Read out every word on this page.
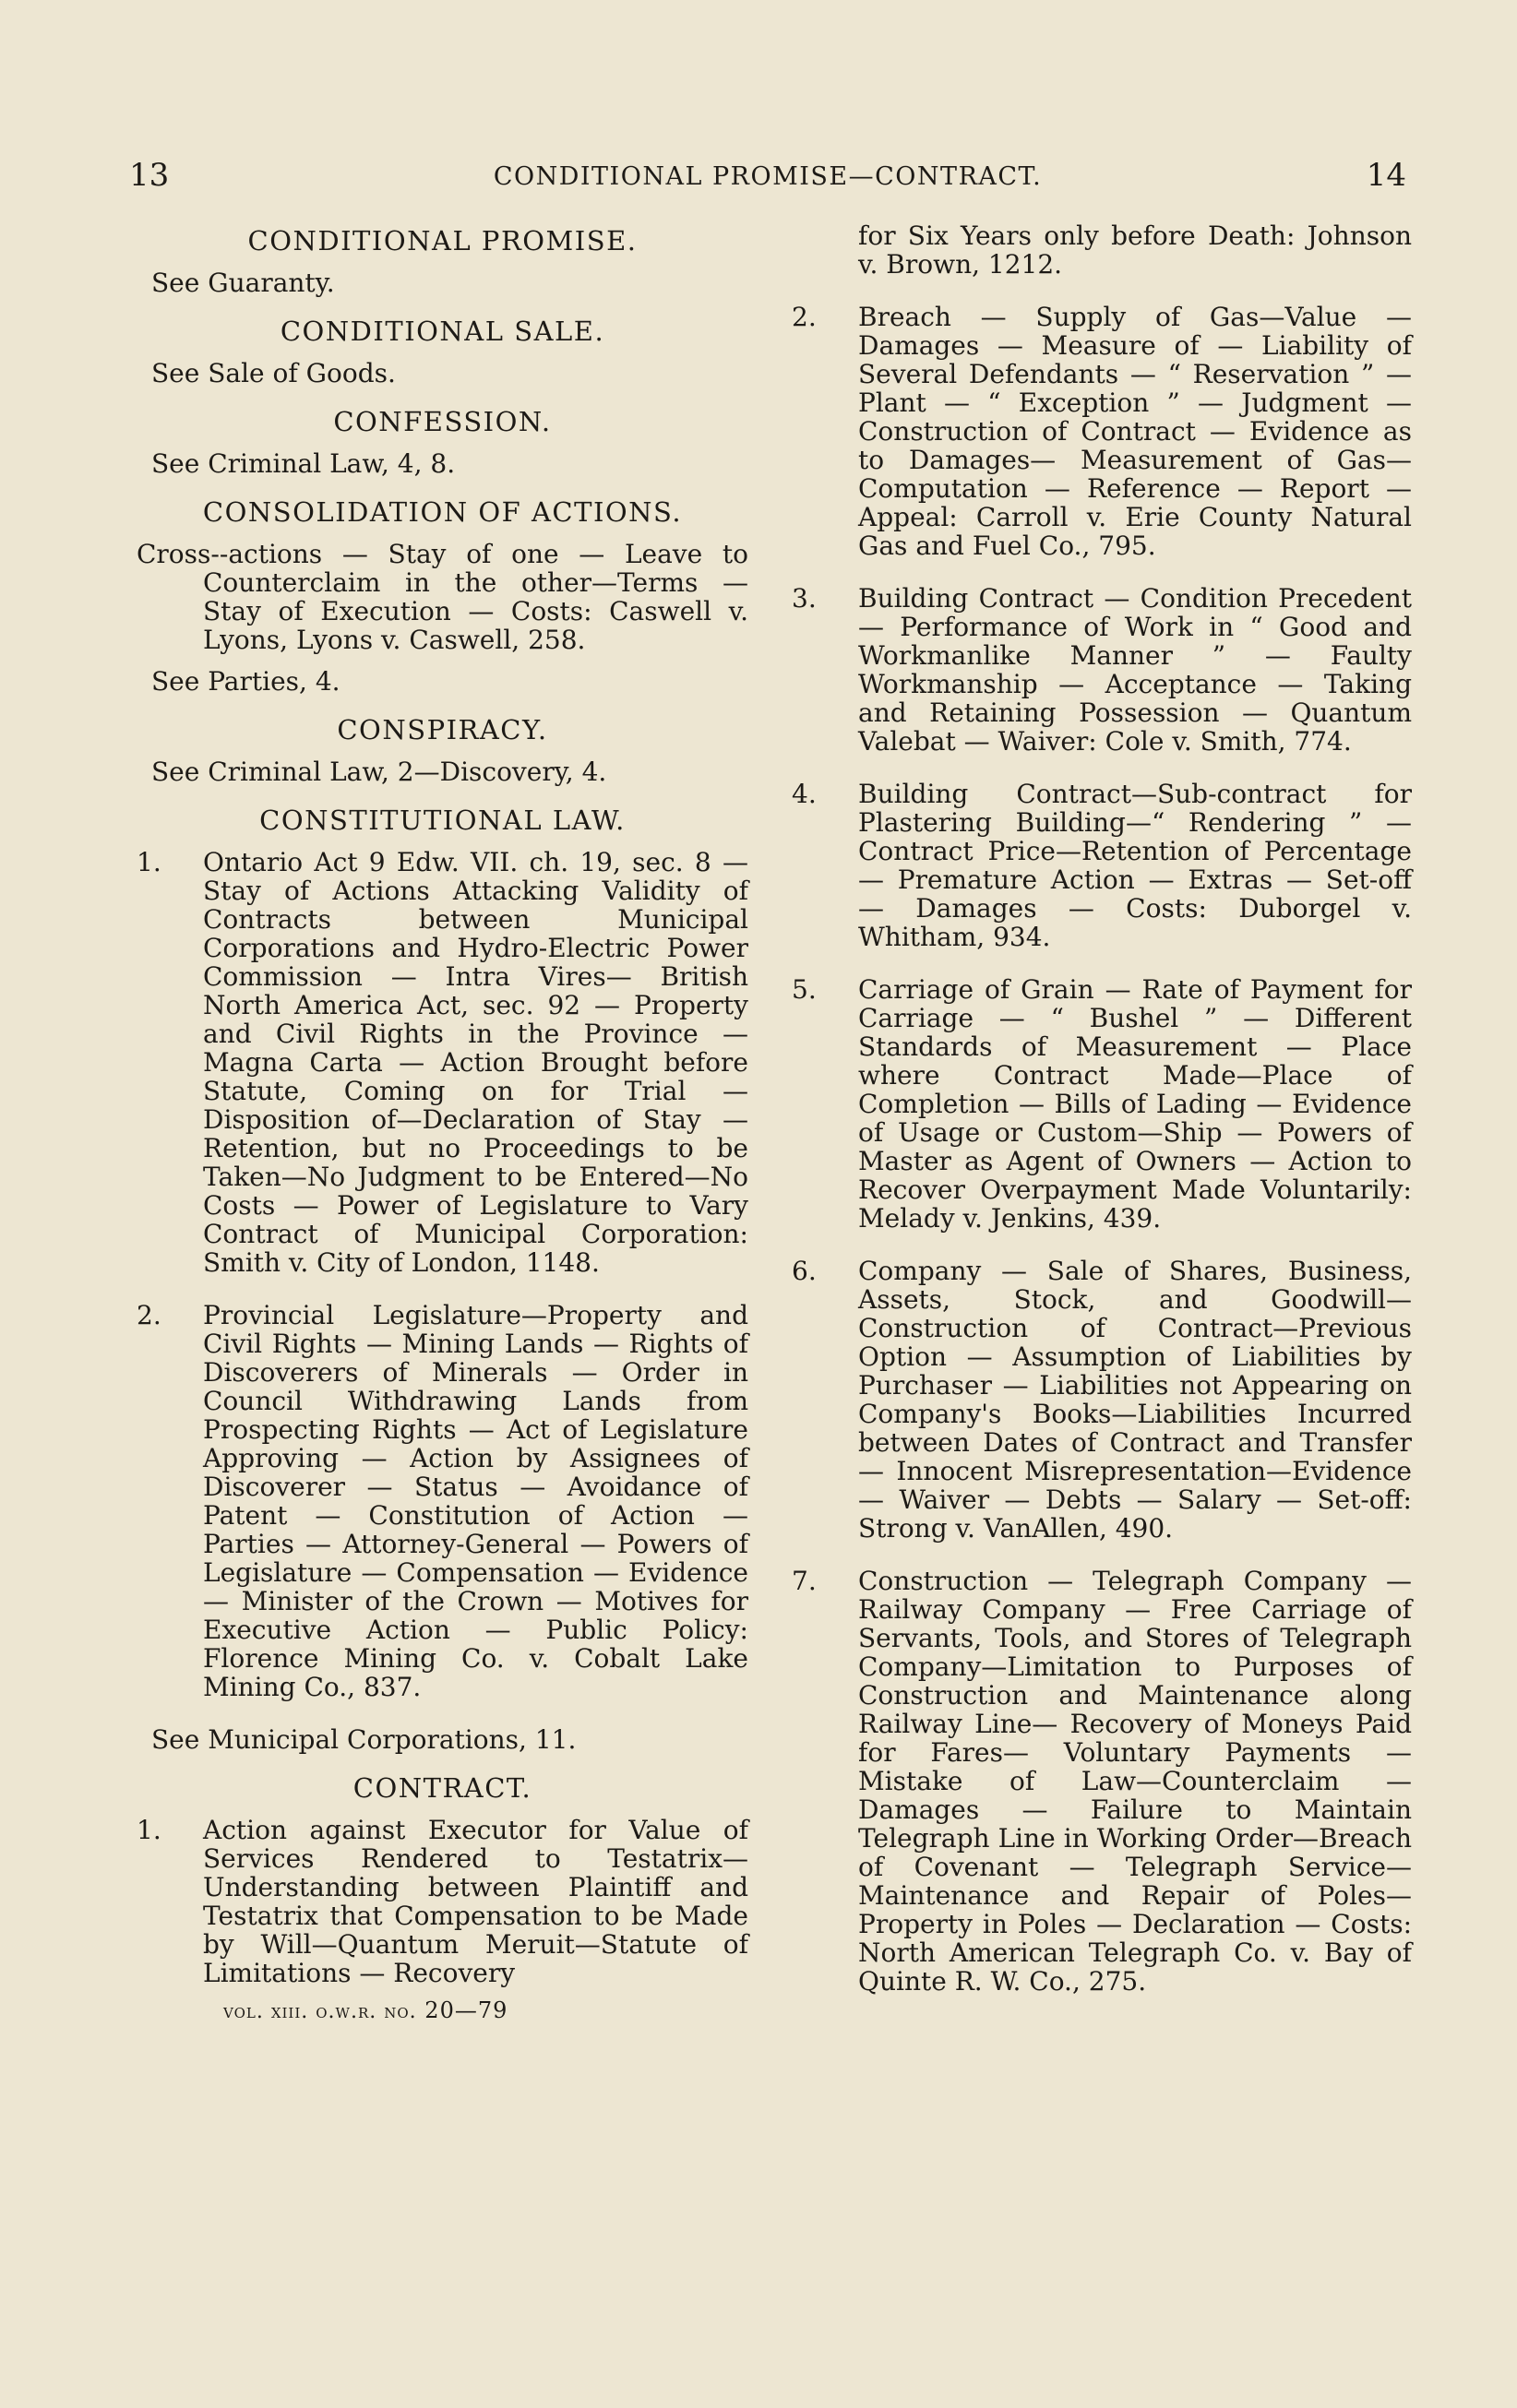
13	CONDITIONAL PROMISE—CONTRACT.	14
CONDITIONAL PROMISE.
See Guaranty.
CONDITIONAL SALE.
See Sale of Goods.
CONFESSION.
See Criminal Law, 4, 8.
CONSOLIDATION OF ACTIONS.
Cross--actions — Stay of one — Leave to Counterclaim in the other—Terms — Stay of Execution — Costs: Caswell v. Lyons, Lyons v. Caswell, 258.
See Parties, 4.
CONSPIRACY.
See Criminal Law, 2—Discovery, 4.
CONSTITUTIONAL LAW.
1. Ontario Act 9 Edw. VII. ch. 19, sec. 8 —Stay of Actions Attacking Validity of Contracts between Municipal Corporations and Hydro-Electric Power Commission — Intra Vires— British North America Act, sec. 92 — Property and Civil Rights in the Province — Magna Carta — Action Brought before Statute, Coming on for Trial — Disposition of—Declaration of Stay — Retention, but no Proceedings to be Taken—No Judgment to be Entered—No Costs — Power of Legislature to Vary Contract of Municipal Corporation: Smith v. City of London, 1148.
2. Provincial Legislature—Property and Civil Rights — Mining Lands — Rights of Discoverers of Minerals — Order in Council Withdrawing Lands from Prospecting Rights — Act of Legislature Approving — Action by Assignees of Discoverer — Status — Avoidance of Patent — Constitution of Action — Parties — Attorney-General — Powers of Legislature — Compensation — Evidence — Minister of the Crown — Motives for Executive Action — Public Policy: Florence Mining Co. v. Cobalt Lake Mining Co., 837.
See Municipal Corporations, 11.
CONTRACT.
1. Action against Executor for Value of Services Rendered to Testatrix—Understanding between Plaintiff and Testatrix that Compensation to be Made by Will—Quantum Meruit—Statute of Limitations — Recovery
vol. xiii. o.w.r. no. 20—79
for Six Years only before Death: Johnson v. Brown, 1212.
2. Breach — Supply of Gas—Value — Damages — Measure of — Liability of Several Defendants — “ Reservation ” — Plant — “ Exception ” — Judgment — Construction of Contract — Evidence as to Damages— Measurement of Gas—Computation — Reference — Report — Appeal: Carroll v. Erie County Natural Gas and Fuel Co., 795.
3. Building Contract — Condition Precedent — Performance of Work in “ Good and Workmanlike Manner ” — Faulty Workmanship — Acceptance — Taking and Retaining Possession — Quantum Valebat — Waiver: Cole v. Smith, 774.
4. Building Contract—Sub-contract for Plastering Building—“ Rendering ” — Contract Price—Retention of Percentage — Premature Action — Extras — Set-off — Damages — Costs: Duborgel v. Whitham, 934.
5. Carriage of Grain — Rate of Payment for Carriage — “ Bushel ” — Different Standards of Measurement — Place where Contract Made—Place of Completion — Bills of Lading — Evidence of Usage or Custom—Ship — Powers of Master as Agent of Owners — Action to Recover Overpayment Made Voluntarily: Melady v. Jenkins, 439.
6. Company — Sale of Shares, Business, Assets, Stock, and Goodwill—Construction of Contract—Previous Option — Assumption of Liabilities by Purchaser — Liabilities not Appearing on Company's Books—Liabilities Incurred between Dates of Contract and Transfer — Innocent Misrepresentation—Evidence — Waiver — Debts — Salary — Set-off: Strong v. VanAllen, 490.
7. Construction — Telegraph Company — Railway Company — Free Carriage of Servants, Tools, and Stores of Telegraph Company—Limitation to Purposes of Construction and Maintenance along Railway Line— Recovery of Moneys Paid for Fares— Voluntary Payments — Mistake of Law—Counterclaim — Damages — Failure to Maintain Telegraph Line in Working Order—Breach of Covenant — Telegraph Service—Maintenance and Repair of Poles—Property in Poles — Declaration — Costs: North American Telegraph Co. v. Bay of Quinte R. W. Co., 275.
